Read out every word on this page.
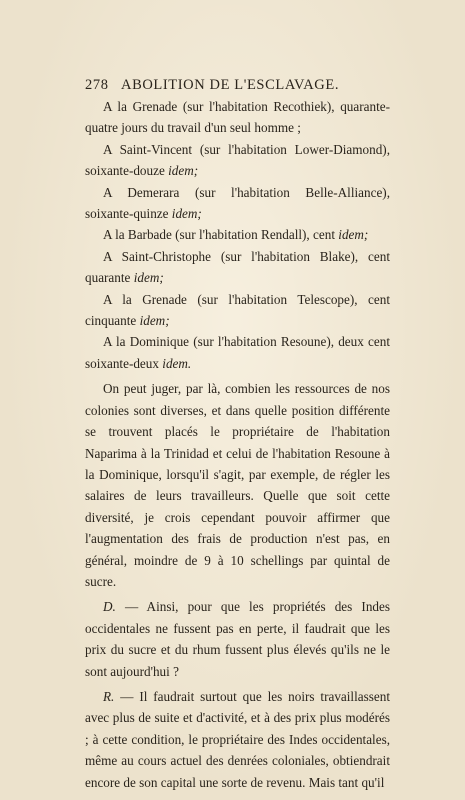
278 ABOLITION DE L'ESCLAVAGE.

A la Grenade (sur l'habitation Recothiek), quarante-quatre jours du travail d'un seul homme ;

A Saint-Vincent (sur l'habitation Lower-Diamond), soixante-douze idem;

A Demerara (sur l'habitation Belle-Alliance), soixante-quinze idem;

A la Barbade (sur l'habitation Rendall), cent idem;

A Saint-Christophe (sur l'habitation Blake), cent quarante idem;

A la Grenade (sur l'habitation Telescope), cent cinquante idem;

A la Dominique (sur l'habitation Resoune), deux cent soixante-deux idem.

On peut juger, par là, combien les ressources de nos colonies sont diverses, et dans quelle position différente se trouvent placés le propriétaire de l'habitation Naparima à la Trinidad et celui de l'habitation Resoune à la Dominique, lorsqu'il s'agit, par exemple, de régler les salaires de leurs travailleurs. Quelle que soit cette diversité, je crois cependant pouvoir affirmer que l'augmentation des frais de production n'est pas, en général, moindre de 9 à 10 schellings par quintal de sucre.

D. — Ainsi, pour que les propriétés des Indes occidentales ne fussent pas en perte, il faudrait que les prix du sucre et du rhum fussent plus élevés qu'ils ne le sont aujourd'hui ?

R. — Il faudrait surtout que les noirs travaillassent avec plus de suite et d'activité, et à des prix plus modérés ; à cette condition, le propriétaire des Indes occidentales, même au cours actuel des denrées coloniales, obtiendrait encore de son capital une sorte de revenu. Mais tant qu'il
